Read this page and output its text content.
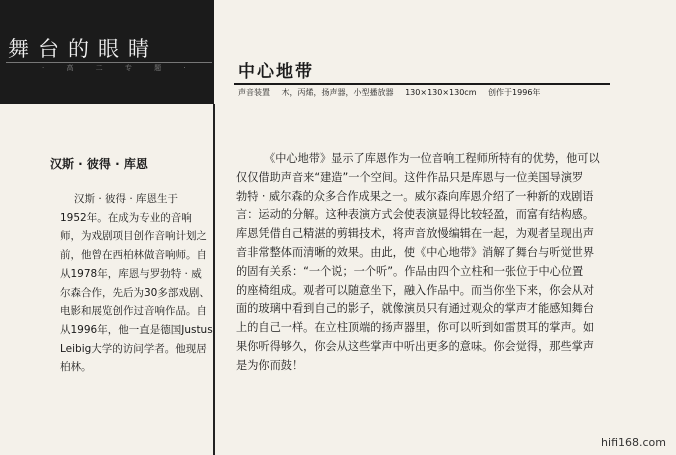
舞台的眼睛
· 高 二 专 题 ·
汉斯 · 彼得 · 库恩
汉斯 · 彼得 · 库恩生于
1952年。在成为专业的音响
师，为戏剧项目创作音响计划之
前，他曾在西柏林做音响师。自
从1978年，库恩与罗勃特 · 威
尔森合作，先后为30多部戏剧、
电影和展览创作过音响作品。自
从1996年，他一直是德国Justus
Leibig大学的访问学者。他现居
柏林。
中心地带
声音装置 木，丙烯，扬声器，小型播放器 130×130×130cm 创作于1996年
《中心地带》显示了库恩作为一位音响工程师所特有的优势，他可以
仅仅借助声音来“建造”一个空间。这件作品只是库恩与一位美国导演罗
勃特 · 威尔森的众多合作成果之一。威尔森向库恩介绍了一种新的戏剧语
言：运动的分解。这种表演方式会使表演显得比较轻盈，而富有结构感。
库恩凭借自己精湛的剪辑技术，将声音放慢编辑在一起，为观者呈现出声
音非常整体而清晰的效果。由此，使《中心地带》消解了舞台与听觉世界
的固有关系：“一个说；一个听”。作品由四个立柱和一张位于中心位置
的座椅组成。观者可以随意坐下，融入作品中。而当你坐下来，你会从对
面的玻璃中看到自己的影子，就像演员只有通过观众的掌声才能感知舞台
上的自己一样。在立柱顶端的扬声器里，你可以听到如雷贯耳的掌声。如
果你听得够久，你会从这些掌声中听出更多的意味。你会觉得，那些掌声
是为你而鼓！
hifi168.com
